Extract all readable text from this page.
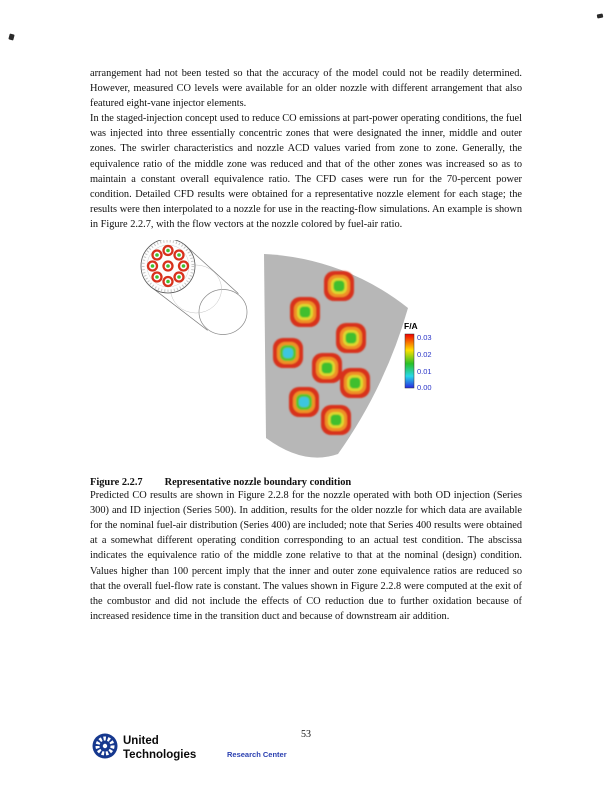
arrangement had not been tested so that the accuracy of the model could not be readily determined. However, measured CO levels were available for an older nozzle with different arrangement that also featured eight-vane injector elements.

In the staged-injection concept used to reduce CO emissions at part-power operating conditions, the fuel was injected into three essentially concentric zones that were designated the inner, middle and outer zones. The swirler characteristics and nozzle ACD values varied from zone to zone. Generally, the equivalence ratio of the middle zone was reduced and that of the other zones was increased so as to maintain a constant overall equivalence ratio. The CFD cases were run for the 70-percent power condition. Detailed CFD results were obtained for a representative nozzle element for each stage; the results were then interpolated to a nozzle for use in the reacting-flow simulations. An example is shown in Figure 2.2.7, with the flow vectors at the nozzle colored by fuel-air ratio.

F/A
0.03
0.02
0.01
0.00
Figure 2.2.7 Representative nozzle boundary condition

Predicted CO results are shown in Figure 2.2.8 for the nozzle operated with both OD injection (Series 300) and ID injection (Series 500). In addition, results for the older nozzle for which data are available for the nominal fuel-air distribution (Series 400) are included; note that Series 400 results were obtained at a somewhat different operating condition corresponding to an actual test condition. The abscissa indicates the equivalence ratio of the middle zone relative to that at the nominal (design) condition. Values higher than 100 percent imply that the inner and outer zone equivalence ratios are reduced so that the overall fuel-flow rate is constant. The values shown in Figure 2.2.8 were computed at the exit of the combustor and did not include the effects of CO reduction due to further oxidation because of increased residence time in the transition duct and because of downstream air addition.

United
Technologies	Research Center
53
